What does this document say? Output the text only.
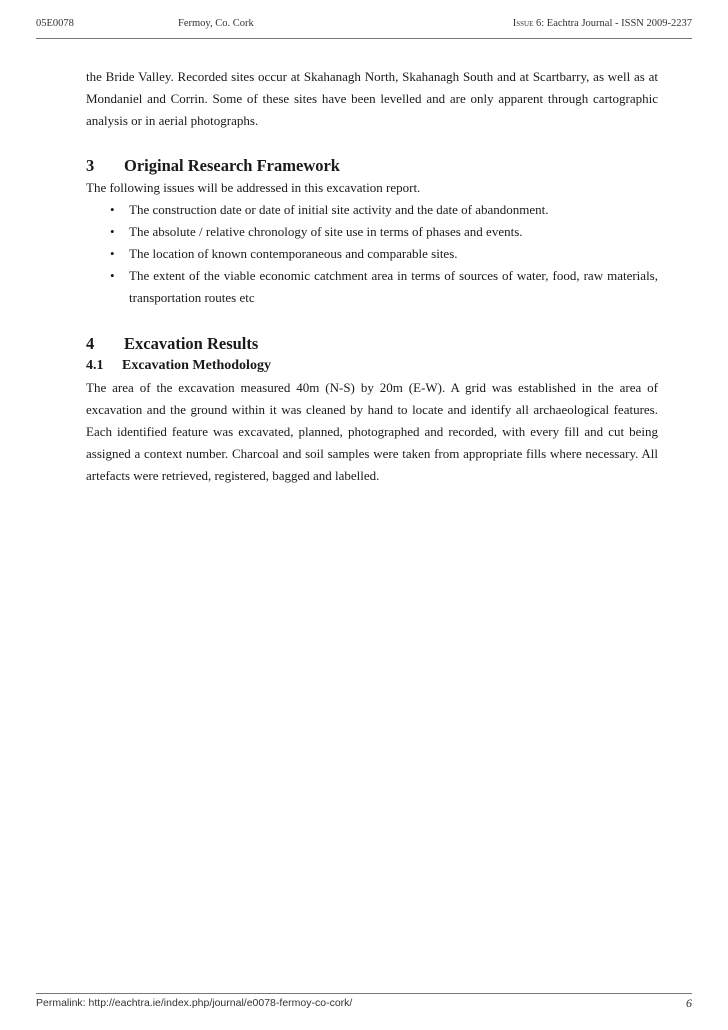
05E0078	Fermoy, Co. Cork	Issue 6: Eachtra Journal - ISSN 2009-2237

the Bride Valley. Recorded sites occur at Skahanagh North, Skahanagh South and at Scartbarry, as well as at Mondaniel and Corrin. Some of these sites have been levelled and are only apparent through cartographic analysis or in aerial photographs.

3 Original Research Framework

The following issues will be addressed in this excavation report.

• The construction date or date of initial site activity and the date of abandonment.
• The absolute / relative chronology of site use in terms of phases and events.
• The location of known contemporaneous and comparable sites.
• The extent of the viable economic catchment area in terms of sources of water, food, raw materials, transportation routes etc
4 Excavation Results
4.1 Excavation Methodology

The area of the excavation measured 40m (N-S) by 20m (E-W). A grid was established in the area of excavation and the ground within it was cleaned by hand to locate and identify all archaeological features. Each identified feature was excavated, planned, photographed and recorded, with every fill and cut being assigned a context number. Charcoal and soil samples were taken from appropriate fills where necessary. All artefacts were retrieved, registered, bagged and labelled.

Permalink: http://eachtra.ie/index.php/journal/e0078-fermoy-co-cork/	6
